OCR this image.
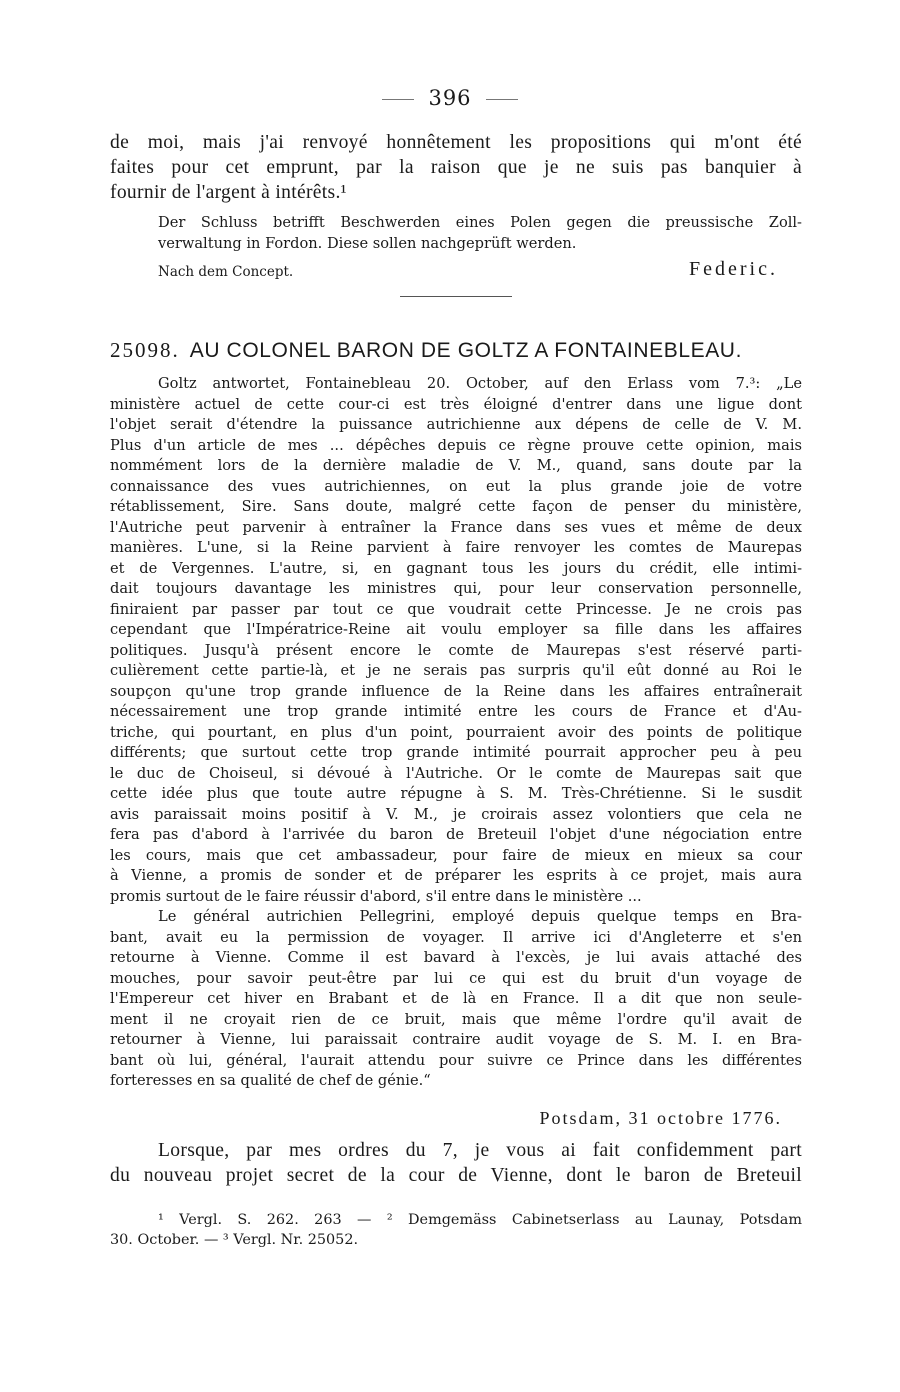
396
de moi, mais j'ai renvoyé honnêtement les propositions qui m'ont été
faites pour cet emprunt, par la raison que je ne suis pas banquier à
fournir de l'argent à intérêts.¹
Der Schluss betrifft Beschwerden eines Polen gegen die preussische Zoll-
verwaltung in Fordon. Diese sollen nachgeprüft werden.
Nach dem Concept.	Federic.
25098. AU COLONEL BARON DE GOLTZ A FONTAINEBLEAU.
Goltz antwortet, Fontainebleau 20. October, auf den Erlass vom 7.³: „Le
ministère actuel de cette cour-ci est très éloigné d'entrer dans une ligue dont
l'objet serait d'étendre la puissance autrichienne aux dépens de celle de V. M.
Plus d'un article de mes ... dépêches depuis ce règne prouve cette opinion, mais
nommément lors de la dernière maladie de V. M., quand, sans doute par la
connaissance des vues autrichiennes, on eut la plus grande joie de votre
rétablissement, Sire. Sans doute, malgré cette façon de penser du ministère,
l'Autriche peut parvenir à entraîner la France dans ses vues et même de deux
manières. L'une, si la Reine parvient à faire renvoyer les comtes de Maurepas
et de Vergennes. L'autre, si, en gagnant tous les jours du crédit, elle intimi-
dait toujours davantage les ministres qui, pour leur conservation personnelle,
finiraient par passer par tout ce que voudrait cette Princesse. Je ne crois pas
cependant que l'Impératrice-Reine ait voulu employer sa fille dans les affaires
politiques. Jusqu'à présent encore le comte de Maurepas s'est réservé parti-
culièrement cette partie-là, et je ne serais pas surpris qu'il eût donné au Roi le
soupçon qu'une trop grande influence de la Reine dans les affaires entraînerait
nécessairement une trop grande intimité entre les cours de France et d'Au-
triche, qui pourtant, en plus d'un point, pourraient avoir des points de politique
différents; que surtout cette trop grande intimité pourrait approcher peu à peu
le duc de Choiseul, si dévoué à l'Autriche. Or le comte de Maurepas sait que
cette idée plus que toute autre répugne à S. M. Très-Chrétienne. Si le susdit
avis paraissait moins positif à V. M., je croirais assez volontiers que cela ne
fera pas d'abord à l'arrivée du baron de Breteuil l'objet d'une négociation entre
les cours, mais que cet ambassadeur, pour faire de mieux en mieux sa cour
à Vienne, a promis de sonder et de préparer les esprits à ce projet, mais aura
promis surtout de le faire réussir d'abord, s'il entre dans le ministère ...
Le général autrichien Pellegrini, employé depuis quelque temps en Bra-
bant, avait eu la permission de voyager. Il arrive ici d'Angleterre et s'en
retourne à Vienne. Comme il est bavard à l'excès, je lui avais attaché des
mouches, pour savoir peut-être par lui ce qui est du bruit d'un voyage de
l'Empereur cet hiver en Brabant et de là en France. Il a dit que non seule-
ment il ne croyait rien de ce bruit, mais que même l'ordre qu'il avait de
retourner à Vienne, lui paraissait contraire audit voyage de S. M. I. en Bra-
bant où lui, général, l'aurait attendu pour suivre ce Prince dans les différentes
forteresses en sa qualité de chef de génie.“
Potsdam, 31 octobre 1776.
Lorsque, par mes ordres du 7, je vous ai fait confidemment part
du nouveau projet secret de la cour de Vienne, dont le baron de Breteuil
¹ Vergl. S. 262. 263 — ² Demgemäss Cabinetserlass au Launay, Potsdam
30. October. — ³ Vergl. Nr. 25052.
